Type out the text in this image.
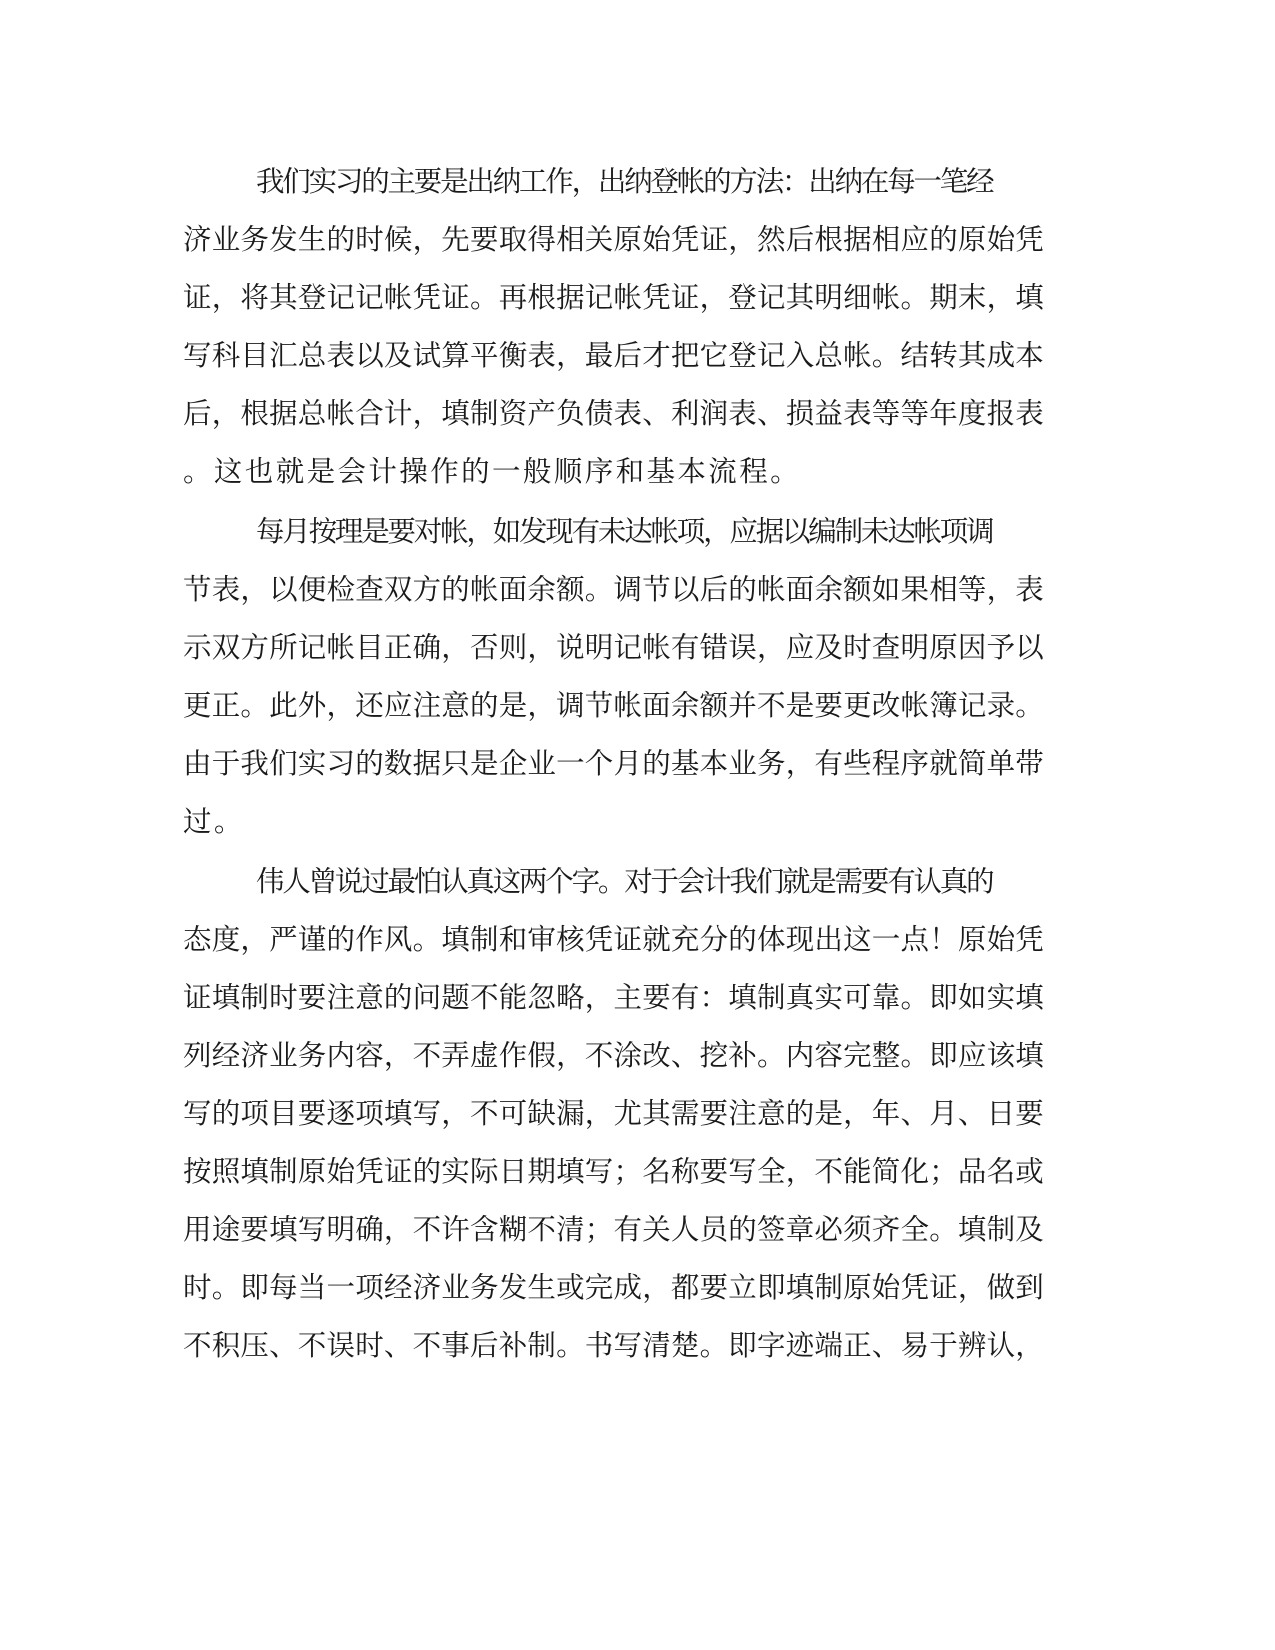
我们实习的主要是出纳工作，出纳登帐的方法：出纳在每一笔经

济业务发生的时候，先要取得相关原始凭证，然后根据相应的原始凭

证，将其登记记帐凭证。再根据记帐凭证，登记其明细帐。期末，填

写科目汇总表以及试算平衡表，最后才把它登记入总帐。结转其成本

后，根据总帐合计，填制资产负债表、利润表、损益表等等年度报表

。这也就是会计操作的一般顺序和基本流程。

每月按理是要对帐，如发现有未达帐项，应据以编制未达帐项调

节表，以便检查双方的帐面余额。调节以后的帐面余额如果相等，表

示双方所记帐目正确，否则，说明记帐有错误，应及时查明原因予以

更正。此外，还应注意的是，调节帐面余额并不是要更改帐簿记录。

由于我们实习的数据只是企业一个月的基本业务，有些程序就简单带

过。

伟人曾说过最怕认真这两个字。对于会计我们就是需要有认真的

态度，严谨的作风。填制和审核凭证就充分的体现出这一点！原始凭

证填制时要注意的问题不能忽略，主要有：填制真实可靠。即如实填

列经济业务内容，不弄虚作假，不涂改、挖补。内容完整。即应该填

写的项目要逐项填写，不可缺漏，尤其需要注意的是，年、月、日要

按照填制原始凭证的实际日期填写；名称要写全，不能简化；品名或

用途要填写明确，不许含糊不清；有关人员的签章必须齐全。填制及

时。即每当一项经济业务发生或完成，都要立即填制原始凭证，做到

不积压、不误时、不事后补制。书写清楚。即字迹端正、易于辨认，
